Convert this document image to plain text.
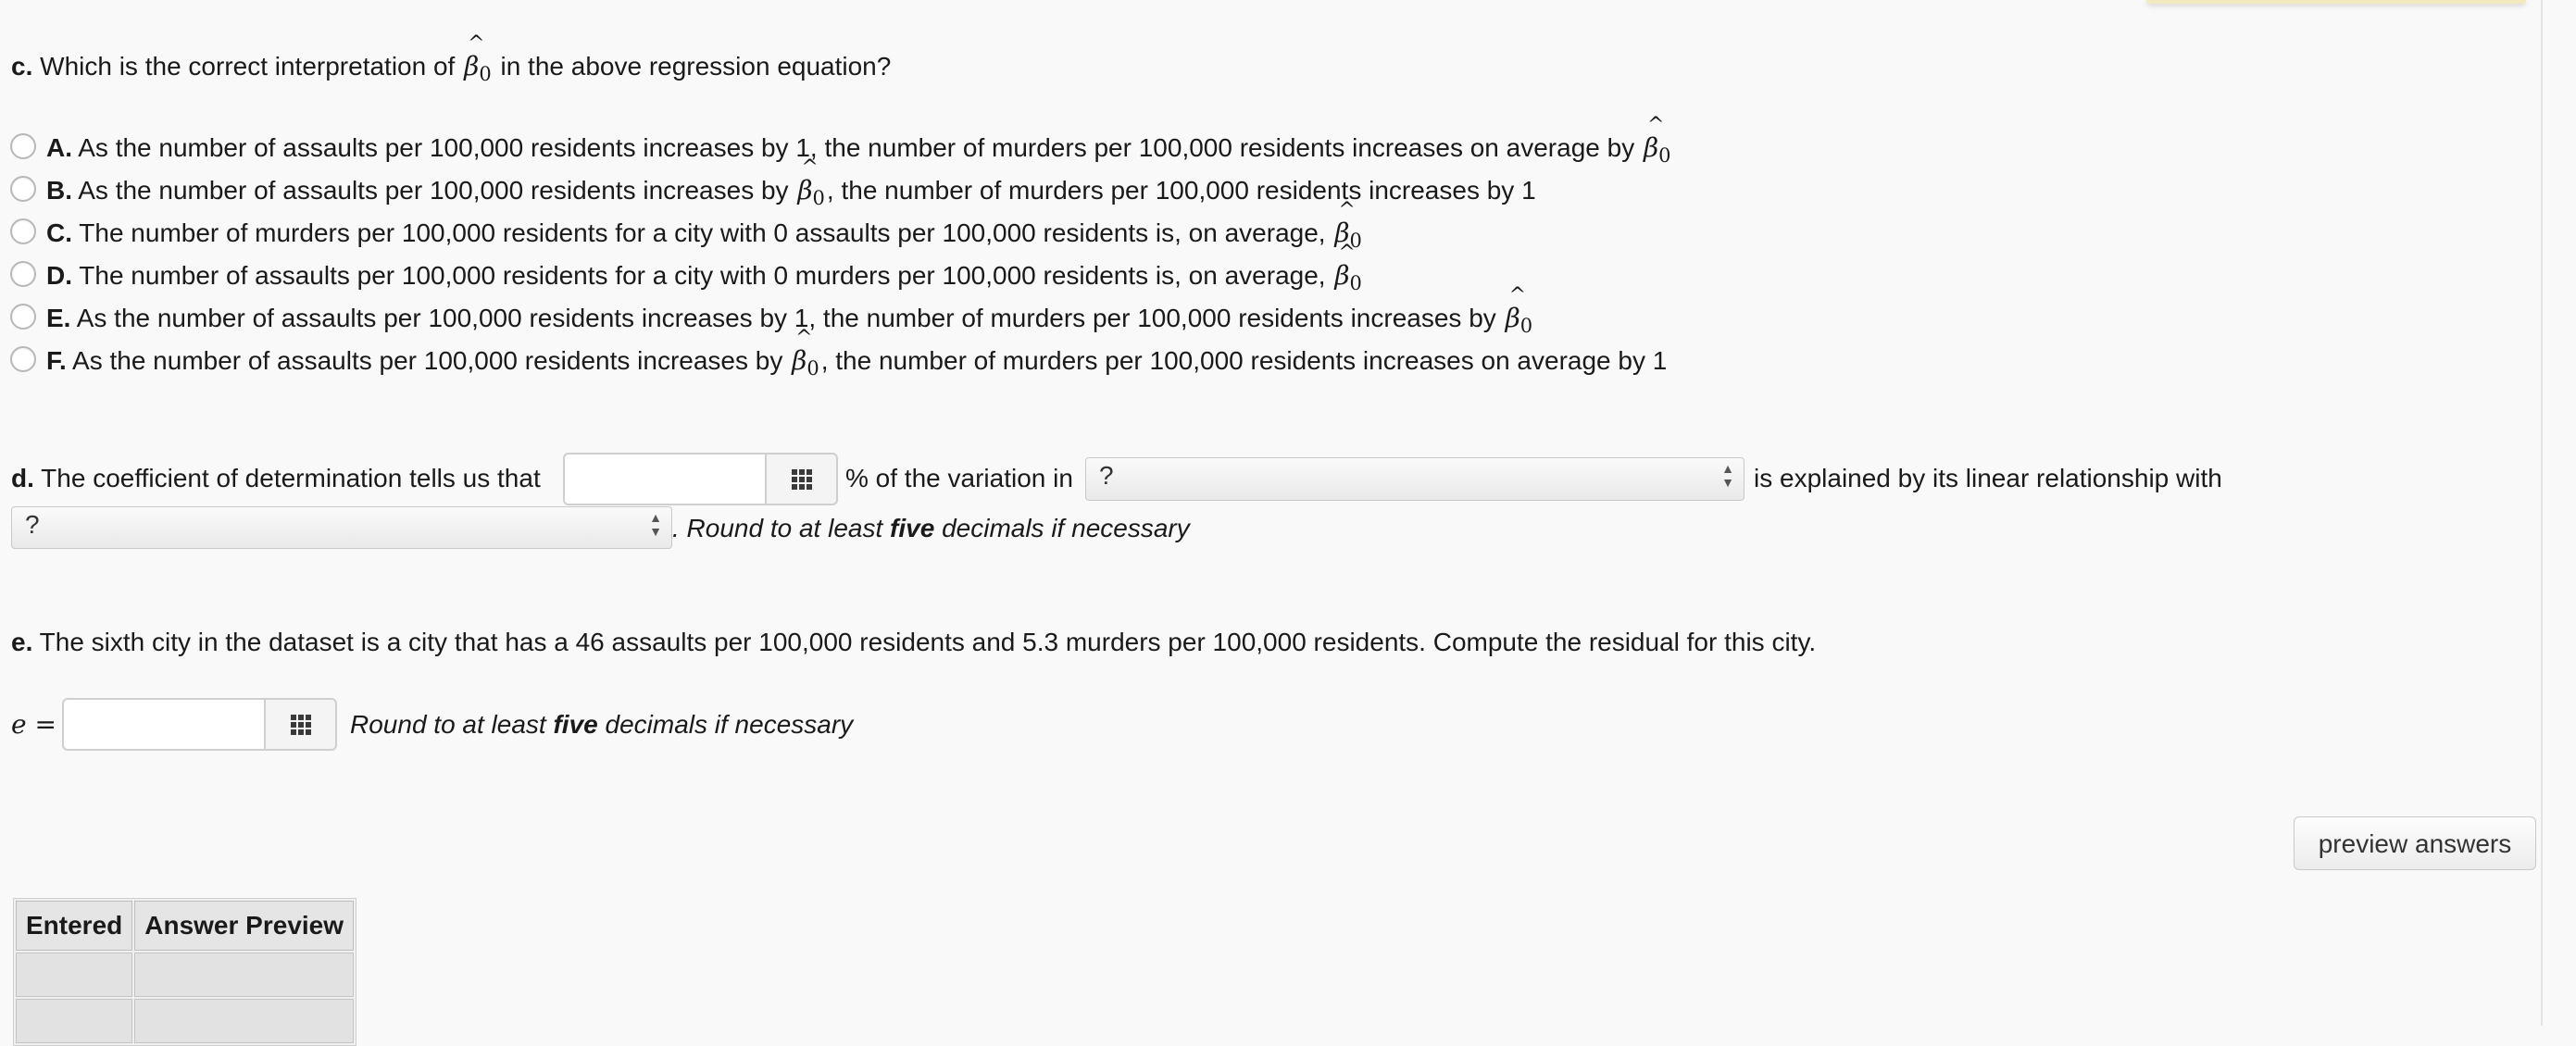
c. Which is the correct interpretation of
^
$\beta_0$ in the above regression equation?
A. As the number of assaults per 100,000 residents increases by 1, the number of murders per 100,000 residents increases on average by
^
$\beta_0$
B. As the number of assaults per 100,000 residents increases by
^
$\beta_0$, the number of murders per 100,000 residents increases by 1
C. The number of murders per 100,000 residents for a city with 0 assaults per 100,000 residents is, on average,
^
$\beta_0$
D. The number of assaults per 100,000 residents for a city with 0 murders per 100,000 residents is, on average,
^
$\beta_0$
E. As the number of assaults per 100,000 residents increases by 1, the number of murders per 100,000 residents increases by
^
$\beta_0$
F. As the number of assaults per 100,000 residents increases by
^
$\beta_0$, the number of murders per 100,000 residents increases on average by 1
d. The coefficient of determination tells us that	% of the variation in ?	▲
▼ is explained by its linear relationship with
?	▲
▼ . Round to at least five decimals if necessary
e. The sixth city in the dataset is a city that has a 46 assaults per 100,000 residents and 5.3 murders per 100,000 residents. Compute the residual for this city.
e =	Round to at least five decimals if necessary
preview answers
Entered	Answer Preview
